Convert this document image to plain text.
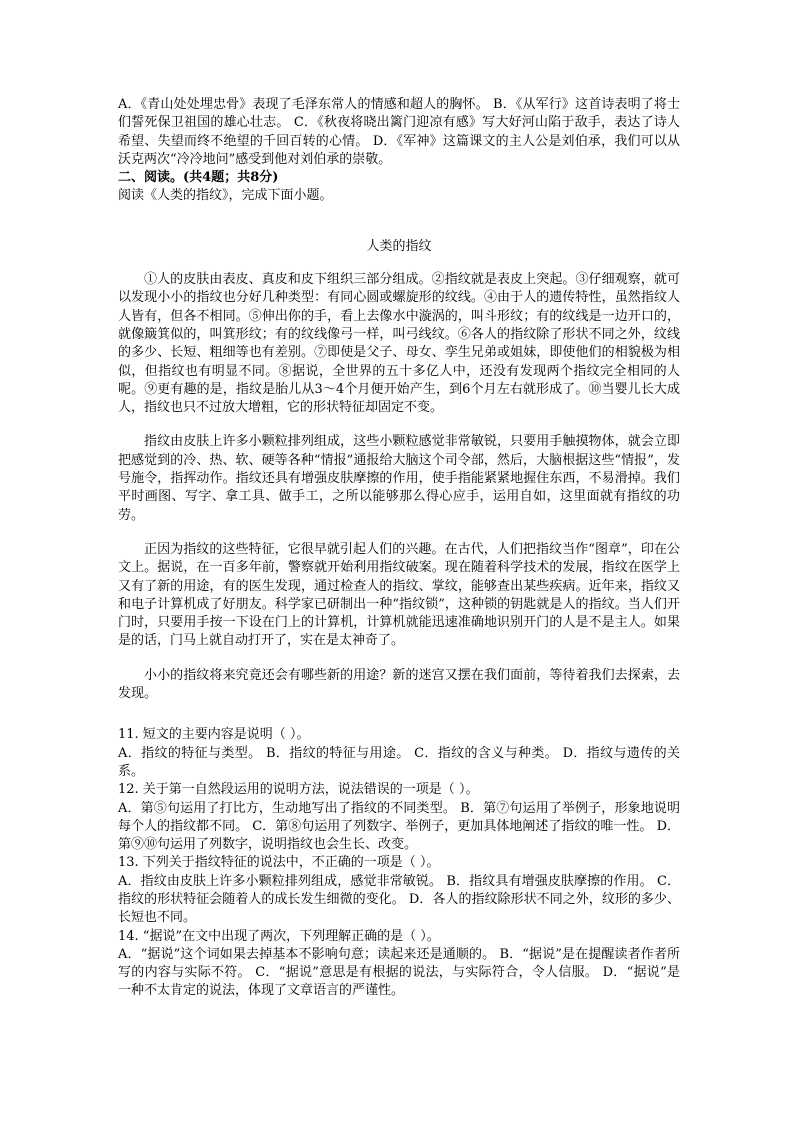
A．《青山处处埋忠骨》表现了毛泽东常人的情感和超人的胸怀。 B．《从军行》这首诗表明了将士们誓死保卫祖国的雄心壮志。 C．《秋夜将晓出篱门迎凉有感》写大好河山陷于敌手，表达了诗人希望、失望而终不绝望的千回百转的心情。 D．《军神》这篇课文的主人公是刘伯承，我们可以从沃克两次“冷冷地问”感受到他对刘伯承的崇敬。

二、阅读。(共4题；共8分)

阅读《人类的指纹》，完成下面小题。

人类的指纹

①人的皮肤由表皮、真皮和皮下组织三部分组成。②指纹就是表皮上突起。③仔细观察，就可以发现小小的指纹也分好几种类型：有同心圆或螺旋形的纹线。④由于人的遗传特性，虽然指纹人人皆有，但各不相同。⑤伸出你的手，看上去像水中漩涡的，叫斗形纹；有的纹线是一边开口的，就像簸箕似的，叫箕形纹；有的纹线像弓一样，叫弓线纹。⑥各人的指纹除了形状不同之外，纹线的多少、长短、粗细等也有差别。⑦即使是父子、母女、孪生兄弟或姐妹，即使他们的相貌极为相似，但指纹也有明显不同。⑧据说，全世界的五十多亿人中，还没有发现两个指纹完全相同的人呢。⑨更有趣的是，指纹是胎儿从3～4个月便开始产生，到6个月左右就形成了。⑩当婴儿长大成人，指纹也只不过放大增粗，它的形状特征却固定不变。

指纹由皮肤上许多小颗粒排列组成，这些小颗粒感觉非常敏锐，只要用手触摸物体，就会立即把感觉到的冷、热、软、硬等各种“情报”通报给大脑这个司令部，然后，大脑根据这些“情报”，发号施令，指挥动作。指纹还具有增强皮肤摩擦的作用，使手指能紧紧地握住东西，不易滑掉。我们平时画图、写字、拿工具、做手工，之所以能够那么得心应手，运用自如，这里面就有指纹的功劳。

正因为指纹的这些特征，它很早就引起人们的兴趣。在古代，人们把指纹当作“图章”，印在公文上。据说，在一百多年前，警察就开始利用指纹破案。现在随着科学技术的发展，指纹在医学上又有了新的用途，有的医生发现，通过检查人的指纹、掌纹，能够查出某些疾病。近年来，指纹又和电子计算机成了好朋友。科学家已研制出一种“指纹锁”，这种锁的钥匙就是人的指纹。当人们开门时，只要用手按一下设在门上的计算机，计算机就能迅速准确地识别开门的人是不是主人。如果是的话，门马上就自动打开了，实在是太神奇了。

小小的指纹将来究竟还会有哪些新的用途？新的迷宫又摆在我们面前，等待着我们去探索，去发现。

11. 短文的主要内容是说明（ ）。

A．指纹的特征与类型。 B．指纹的特征与用途。 C．指纹的含义与种类。 D．指纹与遗传的关系。

12. 关于第一自然段运用的说明方法，说法错误的一项是（ ）。

A．第⑤句运用了打比方，生动地写出了指纹的不同类型。 B．第⑦句运用了举例子，形象地说明每个人的指纹都不同。 C．第⑧句运用了列数字、举例子，更加具体地阐述了指纹的唯一性。 D．第⑨⑩句运用了列数字，说明指纹也会生长、改变。

13. 下列关于指纹特征的说法中，不正确的一项是（ ）。

A．指纹由皮肤上许多小颗粒排列组成，感觉非常敏锐。 B．指纹具有增强皮肤摩擦的作用。 C．指纹的形状特征会随着人的成长发生细微的变化。 D．各人的指纹除形状不同之外，纹形的多少、长短也不同。

14. “据说”在文中出现了两次，下列理解正确的是（ ）。

A．“据说”这个词如果去掉基本不影响句意；读起来还是通顺的。 B．“据说”是在提醒读者作者所写的内容与实际不符。 C．“据说”意思是有根据的说法，与实际符合，令人信服。 D．“据说”是一种不太肯定的说法，体现了文章语言的严谨性。
